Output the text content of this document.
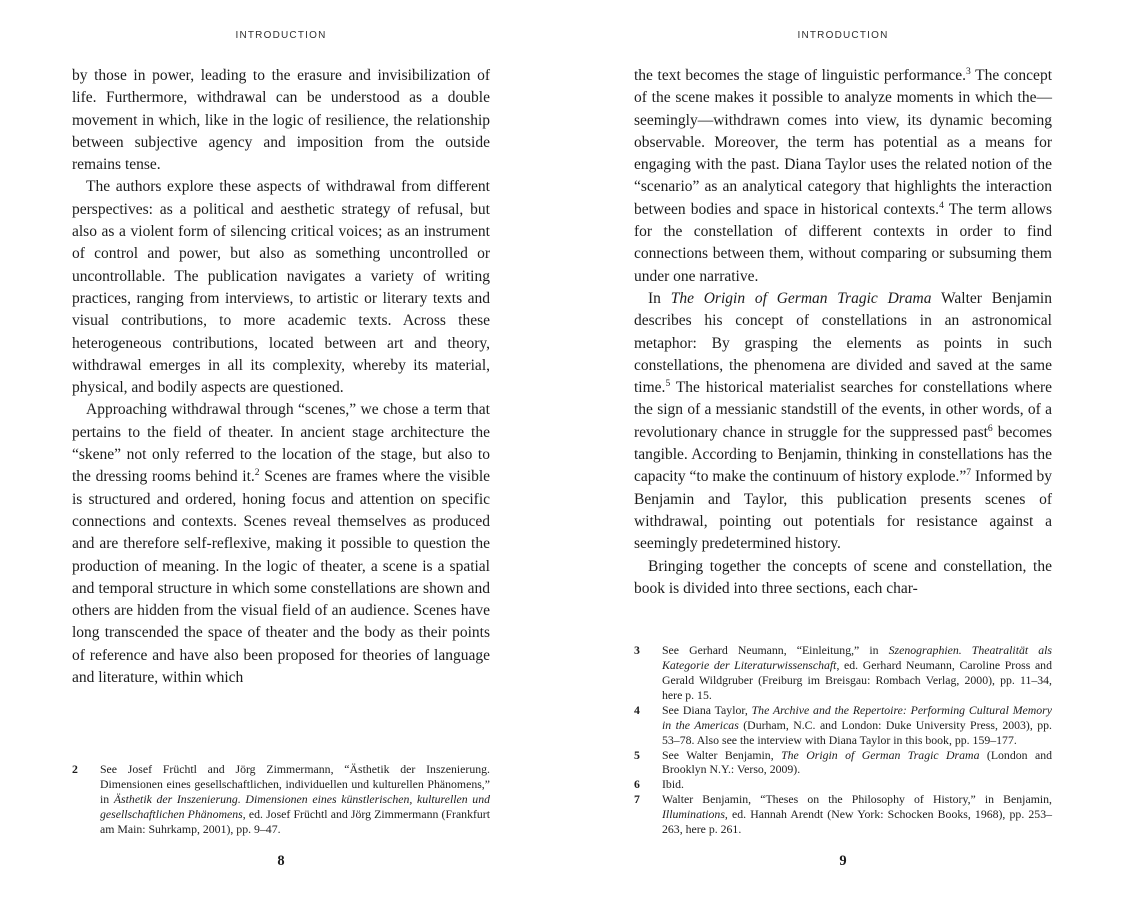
INTRODUCTION

by those in power, leading to the erasure and invisibilization of life. Furthermore, withdrawal can be understood as a double movement in which, like in the logic of resilience, the relationship between subjective agency and imposition from the outside remains tense.

The authors explore these aspects of withdrawal from different perspectives: as a political and aesthetic strategy of refusal, but also as a violent form of silencing critical voices; as an instrument of control and power, but also as something uncontrolled or uncontrollable. The publication navigates a variety of writing practices, ranging from interviews, to artistic or literary texts and visual contributions, to more academic texts. Across these heterogeneous contributions, located between art and theory, withdrawal emerges in all its complexity, whereby its material, physical, and bodily aspects are questioned.

Approaching withdrawal through “scenes,” we chose a term that pertains to the field of theater. In ancient stage architecture the “skene” not only referred to the location of the stage, but also to the dressing rooms behind it.$^2$ Scenes are frames where the visible is structured and ordered, honing focus and attention on specific connections and contexts. Scenes reveal themselves as produced and are therefore self-reflexive, making it possible to question the production of meaning. In the logic of theater, a scene is a spatial and temporal structure in which some constellations are shown and others are hidden from the visual field of an audience. Scenes have long transcended the space of theater and the body as their points of reference and have also been proposed for theories of language and literature, within which

2	See Josef Früchtl and Jörg Zimmermann, “Ästhetik der Inszenierung. Dimensionen eines gesellschaftlichen, individuellen und kulturellen Phänomens,” in Ästhetik der Inszenierung. Dimensionen eines künstlerischen, kulturellen und gesellschaftlichen Phänomens, ed. Josef Früchtl and Jörg Zimmermann (Frankfurt am Main: Suhrkamp, 2001), pp. 9–47.
8
INTRODUCTION

the text becomes the stage of linguistic performance.$^3$ The concept of the scene makes it possible to analyze moments in which the—seemingly—withdrawn comes into view, its dynamic becoming observable. Moreover, the term has potential as a means for engaging with the past. Diana Taylor uses the related notion of the “scenario” as an analytical category that highlights the interaction between bodies and space in historical contexts.$^4$ The term allows for the constellation of different contexts in order to find connections between them, without comparing or subsuming them under one narrative.

In The Origin of German Tragic Drama Walter Benjamin describes his concept of constellations in an astronomical metaphor: By grasping the elements as points in such constellations, the phenomena are divided and saved at the same time.$^5$ The historical materialist searches for constellations where the sign of a messianic standstill of the events, in other words, of a revolutionary chance in struggle for the suppressed past$^6$ becomes tangible. According to Benjamin, thinking in constellations has the capacity “to make the continuum of history explode.”$^7$ Informed by Benjamin and Taylor, this publication presents scenes of withdrawal, pointing out potentials for resistance against a seemingly predetermined history.

Bringing together the concepts of scene and constellation, the book is divided into three sections, each char-

3	See Gerhard Neumann, “Einleitung,” in Szenographien. Theatralität als Kategorie der Literaturwissenschaft, ed. Gerhard Neumann, Caroline Pross and Gerald Wildgruber (Freiburg im Breisgau: Rombach Verlag, 2000), pp. 11–34, here p. 15.
4	See Diana Taylor, The Archive and the Repertoire: Performing Cultural Memory in the Americas (Durham, N.C. and London: Duke University Press, 2003), pp. 53–78. Also see the interview with Diana Taylor in this book, pp. 159–177.
5	See Walter Benjamin, The Origin of German Tragic Drama (London and Brooklyn N.Y.: Verso, 2009).
6	Ibid.
7	Walter Benjamin, “Theses on the Philosophy of History,” in Benjamin, Illuminations, ed. Hannah Arendt (New York: Schocken Books, 1968), pp. 253–263, here p. 261.
9
